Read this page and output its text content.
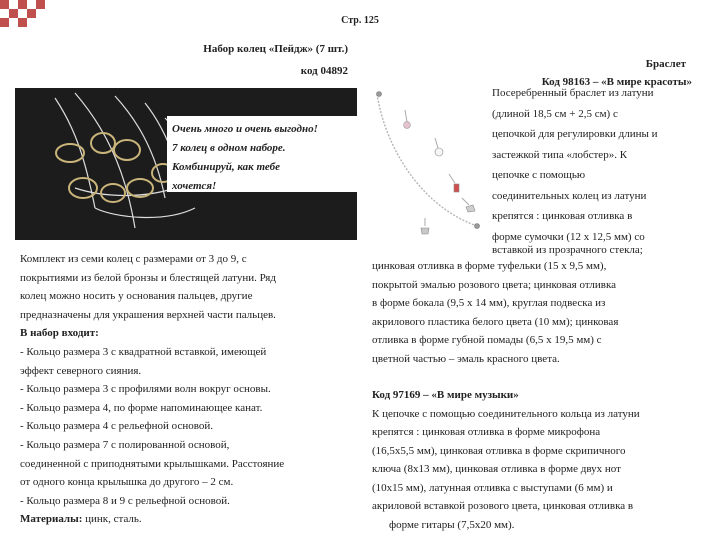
Стр. 125
Набор колец «Пейдж» (7 шт.)
код 04892
Очень много и очень выгодно!
7 колец в одном наборе.
Комбинируй, как тебе
хочется!
Комплект из семи колец с размерами от 3 до 9, с
покрытиями из белой бронзы и блестящей латуни. Ряд
колец можно носить у основания пальцев, другие
предназначены для украшения верхней части пальцев.
В набор входит:
- Кольцо размера 3 с квадратной вставкой, имеющей
эффект северного сияния.
- Кольцо размера 3 с профилями волн вокруг основы.
- Кольцо размера 4, по форме напоминающее канат.
- Кольцо размера 4 с рельефной основой.
- Кольцо размера 7 с полированной основой,
соединенной с приподнятыми крылышками. Расстояние
от одного конца крылышка до другого – 2 см.
- Кольцо размера 8 и 9 с рельефной основой.
Материалы: цинк, сталь.
Браслет
Код 98163 – «В мире красоты»
Посеребренный браслет из латуни
(длиной 18,5 см + 2,5 см) с
цепочкой для регулировки длины и
застежкой типа «лобстер». К
цепочке с помощью
соединительных колец из латуни
крепятся : цинковая отливка в
форме сумочки (12 х 12,5 мм) со
вставкой из прозрачного стекла;
цинковая отливка в форме туфельки (15 х 9,5 мм),
покрытой эмалью розового цвета; цинковая отливка
в форме бокала (9,5 х 14 мм), круглая подвеска из
акрилового пластика белого цвета (10 мм); цинковая
отливка в форме губной помады (6,5 х 19,5 мм) с
цветной частью – эмаль красного цвета.
Код 97169 – «В мире музыки»
К цепочке с помощью соединительного кольца из латуни
крепятся : цинковая отливка в форме микрофона
(16,5х5,5 мм), цинковая отливка в форме скрипичного
ключа (8х13 мм), цинковая отливка в форме двух нот
(10х15 мм), латунная отливка с выступами (6 мм) и
акриловой вставкой розового цвета, цинковая отливка в
форме гитары (7,5х20 мм).
